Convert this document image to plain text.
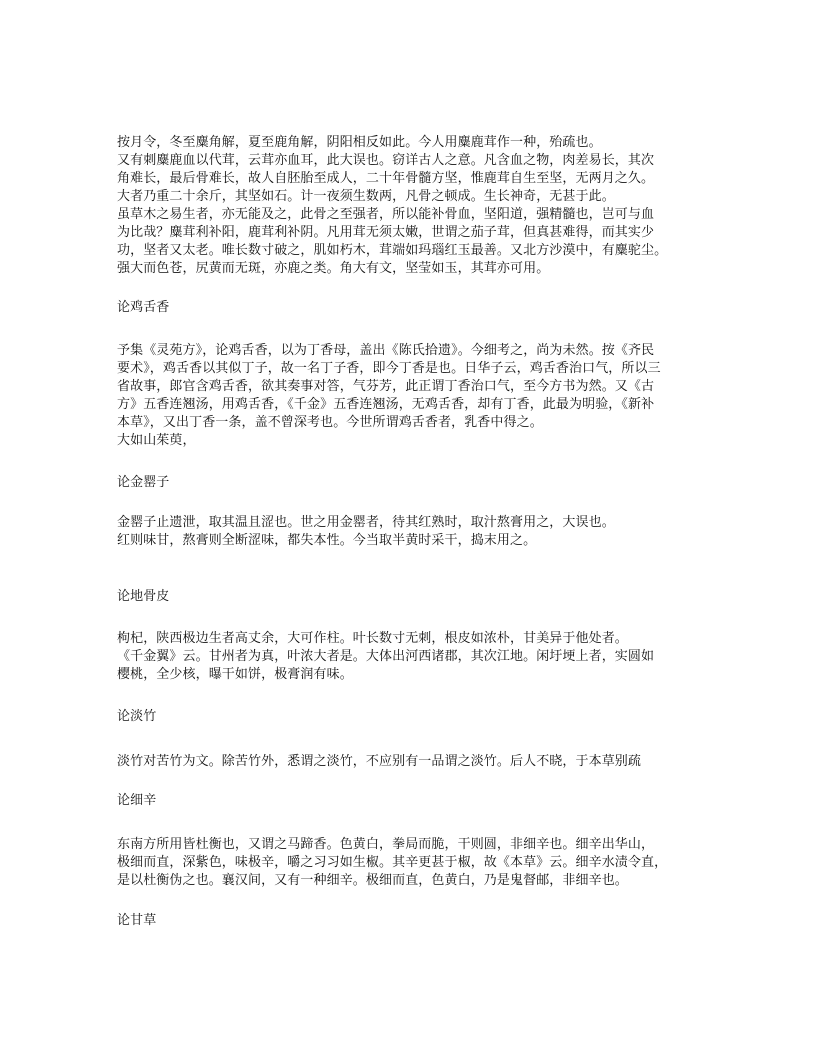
按月令，冬至麋角解，夏至鹿角解，阴阳相反如此。今人用麋鹿茸作一种，殆疏也。
又有刺麋鹿血以代茸，云茸亦血耳，此大误也。窃详古人之意。凡含血之物，肉差易长，其次
角难长，最后骨难长，故人自胚胎至成人，二十年骨髓方坚，惟鹿茸自生至坚，无两月之久。
大者乃重二十余斤，其坚如石。计一夜须生数两，凡骨之顿成。生长神奇，无甚于此。
虽草木之易生者，亦无能及之，此骨之至强者，所以能补骨血，坚阳道，强精髓也，岂可与血
为比哉？麋茸利补阳，鹿茸利补阴。凡用茸无须太嫩，世谓之茄子茸，但真甚难得，而其实少
功，坚者又太老。唯长数寸破之，肌如朽木，茸端如玛瑙红玉最善。又北方沙漠中，有麋驼尘。
强大而色苍，尻黄而无斑，亦鹿之类。角大有文，坚莹如玉，其茸亦可用。
论鸡舌香
予集《灵苑方》，论鸡舌香，以为丁香母，盖出《陈氏拾遗》。今细考之，尚为未然。按《齐民
要术》，鸡舌香以其似丁子，故一名丁子香，即今丁香是也。日华子云，鸡舌香治口气，所以三
省故事，郎官含鸡舌香，欲其奏事对答，气芬芳，此正谓丁香治口气，至今方书为然。又《古
方》五香连翘汤，用鸡舌香，《千金》五香连翘汤，无鸡舌香，却有丁香，此最为明验，《新补
本草》，又出丁香一条，盖不曾深考也。今世所谓鸡舌香者，乳香中得之。
大如山茱萸，
论金罂子
金罂子止遗泄，取其温且涩也。世之用金罂者，待其红熟时，取汁熬膏用之，大误也。
红则味甘，熬膏则全断涩味，都失本性。今当取半黄时采干，捣末用之。
论地骨皮
枸杞，陕西极边生者高丈余，大可作柱。叶长数寸无刺，根皮如浓朴，甘美异于他处者。
《千金翼》云。甘州者为真，叶浓大者是。大体出河西诸郡，其次江地。闲圩埂上者，实圆如
樱桃，全少核，曝干如饼，极膏润有味。
论淡竹
淡竹对苦竹为文。除苦竹外，悉谓之淡竹，不应别有一品谓之淡竹。后人不晓，于本草别疏
论细辛
东南方所用皆杜衡也，又谓之马蹄香。色黄白，拳局而脆，干则圆，非细辛也。细辛出华山，
极细而直，深紫色，味极辛，嚼之习习如生椒。其辛更甚于椒，故《本草》云。细辛水渍令直，
是以杜衡伪之也。襄汉间，又有一种细辛。极细而直，色黄白，乃是鬼督邮，非细辛也。
论甘草
